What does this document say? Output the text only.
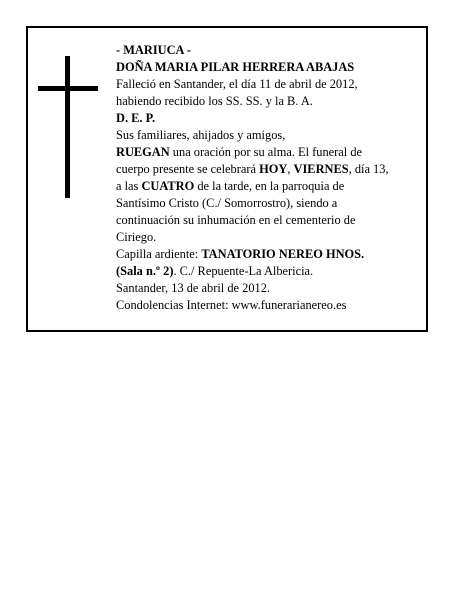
- MARIUCA -

DOÑA MARIA PILAR HERRERA ABAJAS

Falleció en Santander, el día 11 de abril de 2012,

habiendo recibido los SS. SS. y la B. A.

D. E. P.

Sus familiares, ahijados y amigos,

RUEGAN una oración por su alma. El funeral de

cuerpo presente se celebrará HOY, VIERNES, día 13,

a las CUATRO de la tarde, en la parroquia de

Santísimo Cristo (C./ Somorrostro), siendo a

continuación su inhumación en el cementerio de

Ciriego.

Capilla ardiente: TANATORIO NEREO HNOS.

(Sala n.º 2). C./ Repuente-La Albericia.

Santander, 13 de abril de 2012.

Condolencias Internet: www.funerarianereo.es
